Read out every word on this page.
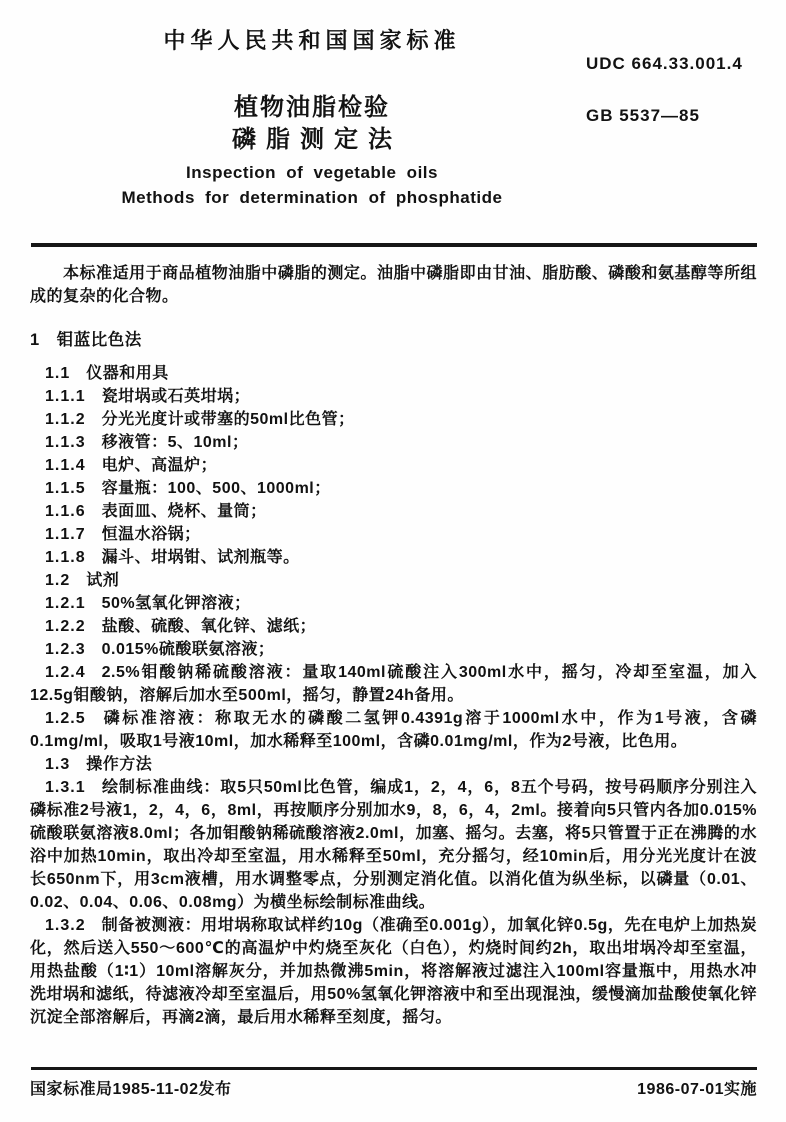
中华人民共和国国家标准
UDC 664.33.001.4
植物油脂检验
磷脂测定法
GB 5537—85
Inspection of vegetable oils
Methods for determination of phosphatide

本标准适用于商品植物油脂中磷脂的测定。油脂中磷脂即由甘油、脂肪酸、磷酸和氨基醇等所组成的复杂的化合物。

1 钼蓝比色法

1.1 仪器和用具

1.1.1 瓷坩埚或石英坩埚；

1.1.2 分光光度计或带塞的50ml比色管；

1.1.3 移液管：5、10ml；

1.1.4 电炉、高温炉；

1.1.5 容量瓶：100、500、1000ml；

1.1.6 表面皿、烧杯、量筒；

1.1.7 恒温水浴锅；

1.1.8 漏斗、坩埚钳、试剂瓶等。

1.2 试剂

1.2.1 50%氢氧化钾溶液；

1.2.2 盐酸、硫酸、氧化锌、滤纸；

1.2.3 0.015%硫酸联氨溶液；

1.2.4 2.5%钼酸钠稀硫酸溶液：量取140ml硫酸注入300ml水中，摇匀，冷却至室温，加入12.5g钼酸钠，溶解后加水至500ml，摇匀，静置24h备用。

1.2.5 磷标准溶液：称取无水的磷酸二氢钾0.4391g溶于1000ml水中，作为1号液，含磷0.1mg/ml，吸取1号液10ml，加水稀释至100ml，含磷0.01mg/ml，作为2号液，比色用。

1.3 操作方法

1.3.1 绘制标准曲线：取5只50ml比色管，编成1，2，4，6，8五个号码，按号码顺序分别注入磷标准2号液1，2，4，6，8ml，再按顺序分别加水9，8，6，4，2ml。接着向5只管内各加0.015%硫酸联氨溶液8.0ml；各加钼酸钠稀硫酸溶液2.0ml，加塞、摇匀。去塞，将5只管置于正在沸腾的水浴中加热10min，取出冷却至室温，用水稀释至50ml，充分摇匀，经10min后，用分光光度计在波长650nm下，用3cm液槽，用水调整零点，分别测定消化值。以消化值为纵坐标，以磷量（0.01、0.02、0.04、0.06、0.08mg）为横坐标绘制标准曲线。

1.3.2 制备被测液：用坩埚称取试样约10g（准确至0.001g），加氧化锌0.5g，先在电炉上加热炭化，然后送入550～600℃的高温炉中灼烧至灰化（白色），灼烧时间约2h，取出坩埚冷却至室温，用热盐酸（1∶1）10ml溶解灰分，并加热微沸5min，将溶解液过滤注入100ml容量瓶中，用热水冲洗坩埚和滤纸，待滤液冷却至室温后，用50%氢氧化钾溶液中和至出现混浊，缓慢滴加盐酸使氧化锌沉淀全部溶解后，再滴2滴，最后用水稀释至刻度，摇匀。

国家标准局1985-11-02发布	1986-07-01实施
